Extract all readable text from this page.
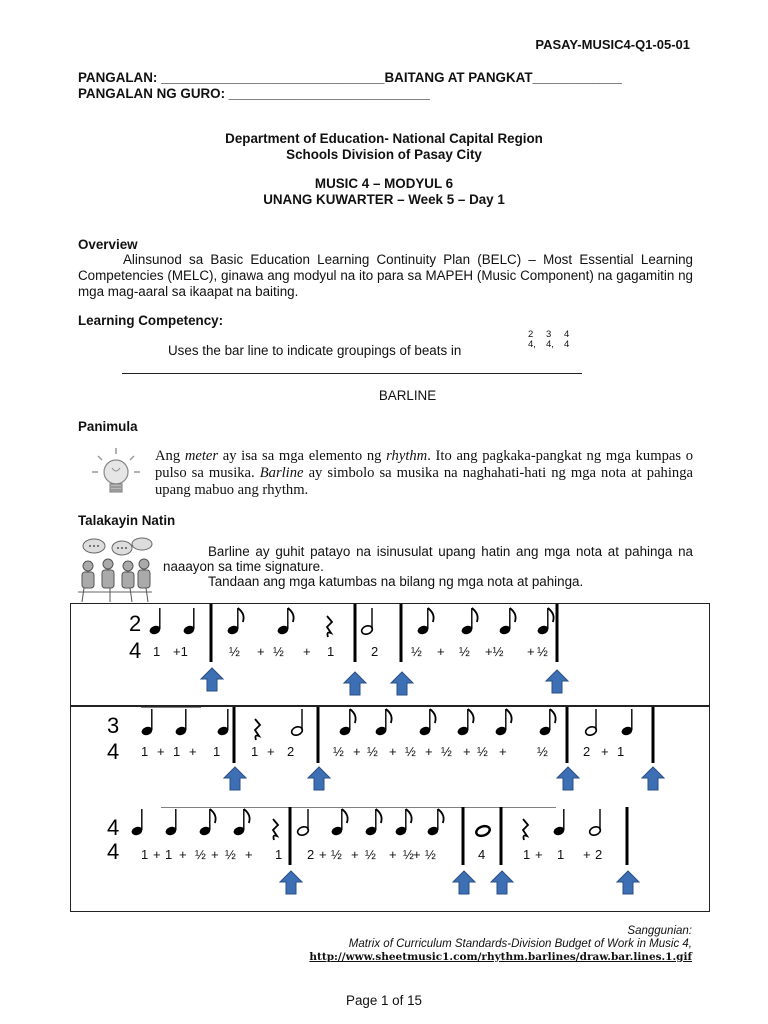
PASAY-MUSIC4-Q1-05-01
PANGALAN: ______________________________BAITANG AT PANGKAT____________
PANGALAN NG GURO: ___________________________
Department of Education- National Capital Region
Schools Division of Pasay City
MUSIC 4 – MODYUL 6
UNANG KUWARTER – Week 5 – Day 1
Overview
Alinsunod sa Basic Education Learning Continuity Plan (BELC) – Most Essential Learning Competencies (MELC), ginawa ang modyul na ito para sa MAPEH (Music Component) na gagamitin ng mga mag-aaral sa ikaapat na baiting.
Learning Competency:
Uses the bar line to indicate groupings of beats in
2
4,
3
4,
4
4
BARLINE
Panimula
Ang meter ay isa sa mga elemento ng rhythm. Ito ang pagkaka-pangkat ng mga kumpas o pulso sa musika. Barline ay simbolo sa musika na naghahati-hati ng mga nota at pahinga upang mabuo ang rhythm.
Talakayin Natin
Barline ay guhit patayo na isinusulat upang hatin ang mga nota at pahinga na naaayon sa time signature.
Tandaan ang mga katumbas na bilang ng mga nota at pahinga.
2
4 1 +1	½ + ½ + 1	2	½ + ½ +½ + ½
3
4 1 + 1 + 1 1 + 2	½ + ½ + ½ + ½ + ½ + ½	2 + 1
4
4 1 + 1 + ½ + ½ + 1 2 + ½ + ½ + ½ + ½	4	1 + 1 + 2
Sanggunian:
Matrix of Curriculum Standards-Division Budget of Work in Music 4,
http://www.sheetmusic1.com/rhythm.barlines/draw.bar.lines.1.gif
Page 1 of 15
